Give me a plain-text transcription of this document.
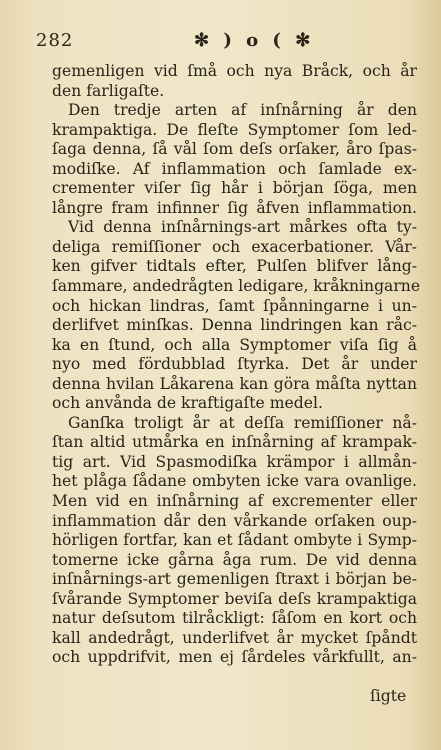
282	✻ ) o ( ✻
gemenligen vid ſmå och nya Bråck, och år
den farligaſte.
Den tredje arten af inſnårning år den
krampaktiga. De fleſte Symptomer ſom led-
ſaga denna, ſå vål ſom deſs orſaker, åro ſpas-
modiſke. Af inflammation och ſamlade ex-
crementer viſer ſig hår i början ſöga, men
långre fram infinner ſig åfven inflammation.
Vid denna inſnårnings-art mårkes ofta ty-
deliga remiſſioner och exacerbationer. Vår-
ken gifver tidtals efter, Pulſen blifver lång-
ſammare, andedrågten ledigare, kråkningarne
och hickan lindras, ſamt ſpånningarne i un-
derlifvet minſkas. Denna lindringen kan råc-
ka en ſtund, och alla Symptomer viſa ſig å
nyo med fördubblad ſtyrka. Det år under
denna hvilan Låkarena kan göra måſta nyttan
och anvånda de kraftigaſte medel.
Ganſka troligt år at deſſa remiſſioner nå-
ſtan altid utmårka en inſnårning af krampak-
tig art. Vid Spasmodiſka krämpor i allmån-
het plåga ſådane ombyten icke vara ovanlige.
Men vid en inſnårning af excrementer eller
inflammation dår den vårkande orſaken oup-
hörligen fortfar, kan et ſådant ombyte i Symp-
tomerne icke gårna åga rum. De vid denna
inſnårnings-art gemenligen ſtraxt i början be-
ſvårande Symptomer beviſa deſs krampaktiga
natur deſsutom tilråckligt: ſåſom en kort och
kall andedrågt, underlifvet år mycket ſpåndt
och uppdrifvit, men ej ſårdeles vårkfullt, an-
ſigte
